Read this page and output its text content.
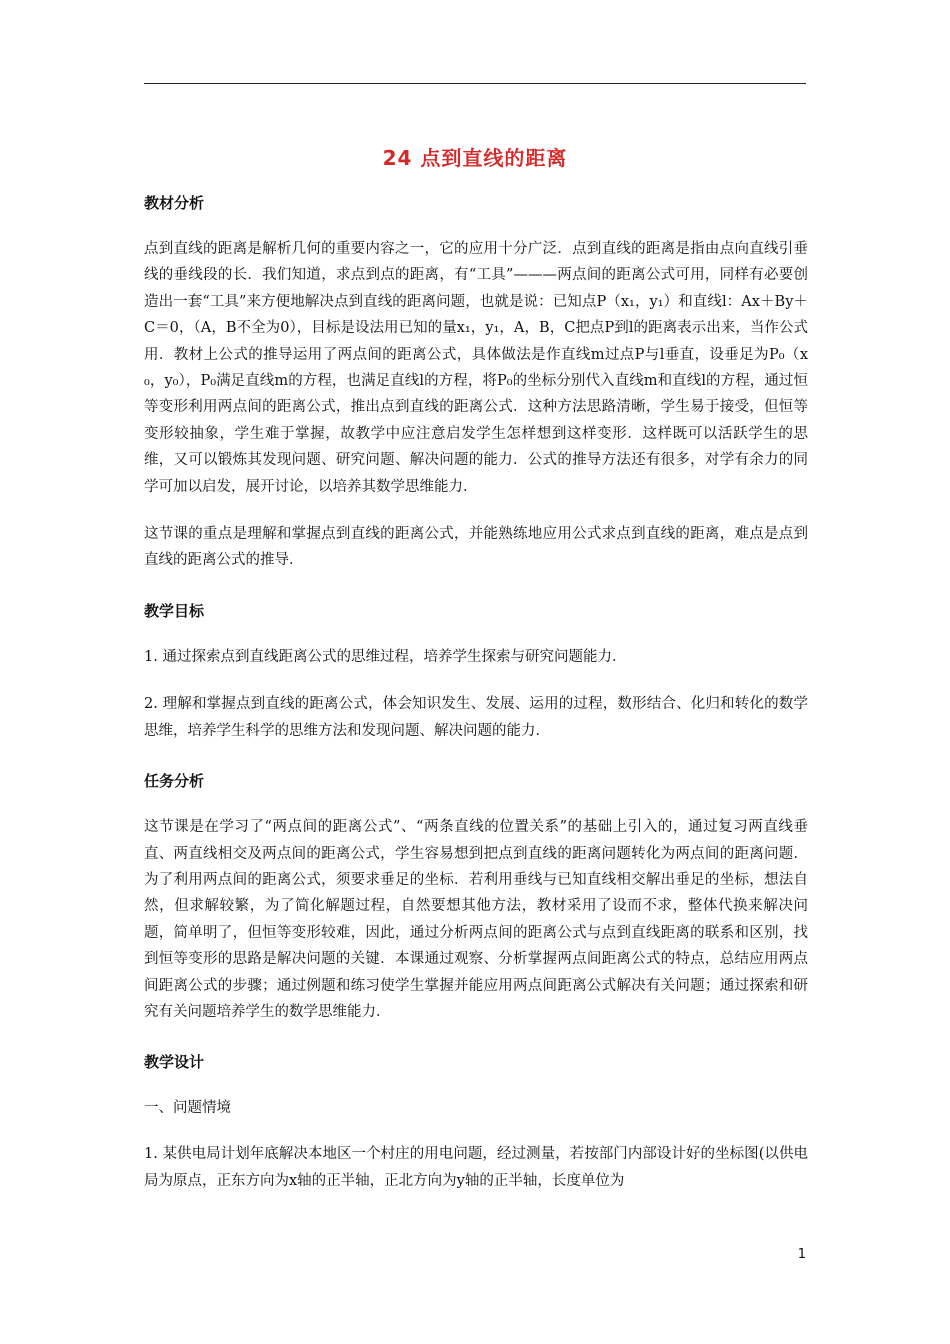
24 点到直线的距离
教材分析
点到直线的距离是解析几何的重要内容之一，它的应用十分广泛．点到直线的距离是指由点向直线引垂线的垂线段的长．我们知道，求点到点的距离，有“工具”———两点间的距离公式可用，同样有必要创造出一套“工具”来方便地解决点到直线的距离问题，也就是说：已知点P（x₁，y₁）和直线l：Ax＋By＋C＝0，（A，B不全为0），目标是设法用已知的量x₁，y₁，A，B，C把点P到l的距离表示出来，当作公式用．教材上公式的推导运用了两点间的距离公式，具体做法是作直线m过点P与l垂直，设垂足为P₀（x₀，y₀），P₀满足直线m的方程，也满足直线l的方程，将P₀的坐标分别代入直线m和直线l的方程，通过恒等变形利用两点间的距离公式，推出点到直线的距离公式．这种方法思路清晰，学生易于接受，但恒等变形较抽象，学生难于掌握，故教学中应注意启发学生怎样想到这样变形．这样既可以活跃学生的思维，又可以锻炼其发现问题、研究问题、解决问题的能力．公式的推导方法还有很多，对学有余力的同学可加以启发，展开讨论，以培养其数学思维能力．
这节课的重点是理解和掌握点到直线的距离公式，并能熟练地应用公式求点到直线的距离，难点是点到直线的距离公式的推导．
教学目标
1. 通过探索点到直线距离公式的思维过程，培养学生探索与研究问题能力．
2. 理解和掌握点到直线的距离公式，体会知识发生、发展、运用的过程，数形结合、化归和转化的数学思维，培养学生科学的思维方法和发现问题、解决问题的能力．
任务分析
这节课是在学习了“两点间的距离公式”、“两条直线的位置关系”的基础上引入的，通过复习两直线垂直、两直线相交及两点间的距离公式，学生容易想到把点到直线的距离问题转化为两点间的距离问题．为了利用两点间的距离公式，须要求垂足的坐标．若利用垂线与已知直线相交解出垂足的坐标，想法自然，但求解较繁，为了简化解题过程，自然要想其他方法，教材采用了设而不求，整体代换来解决问题，简单明了，但恒等变形较难，因此，通过分析两点间的距离公式与点到直线距离的联系和区别，找到恒等变形的思路是解决问题的关键．本课通过观察、分析掌握两点间距离公式的特点，总结应用两点间距离公式的步骤；通过例题和练习使学生掌握并能应用两点间距离公式解决有关问题；通过探索和研究有关问题培养学生的数学思维能力．
教学设计
一、问题情境
1. 某供电局计划年底解决本地区一个村庄的用电问题，经过测量，若按部门内部设计好的坐标图(以供电局为原点，正东方向为x轴的正半轴，正北方向为y轴的正半轴，长度单位为
1
